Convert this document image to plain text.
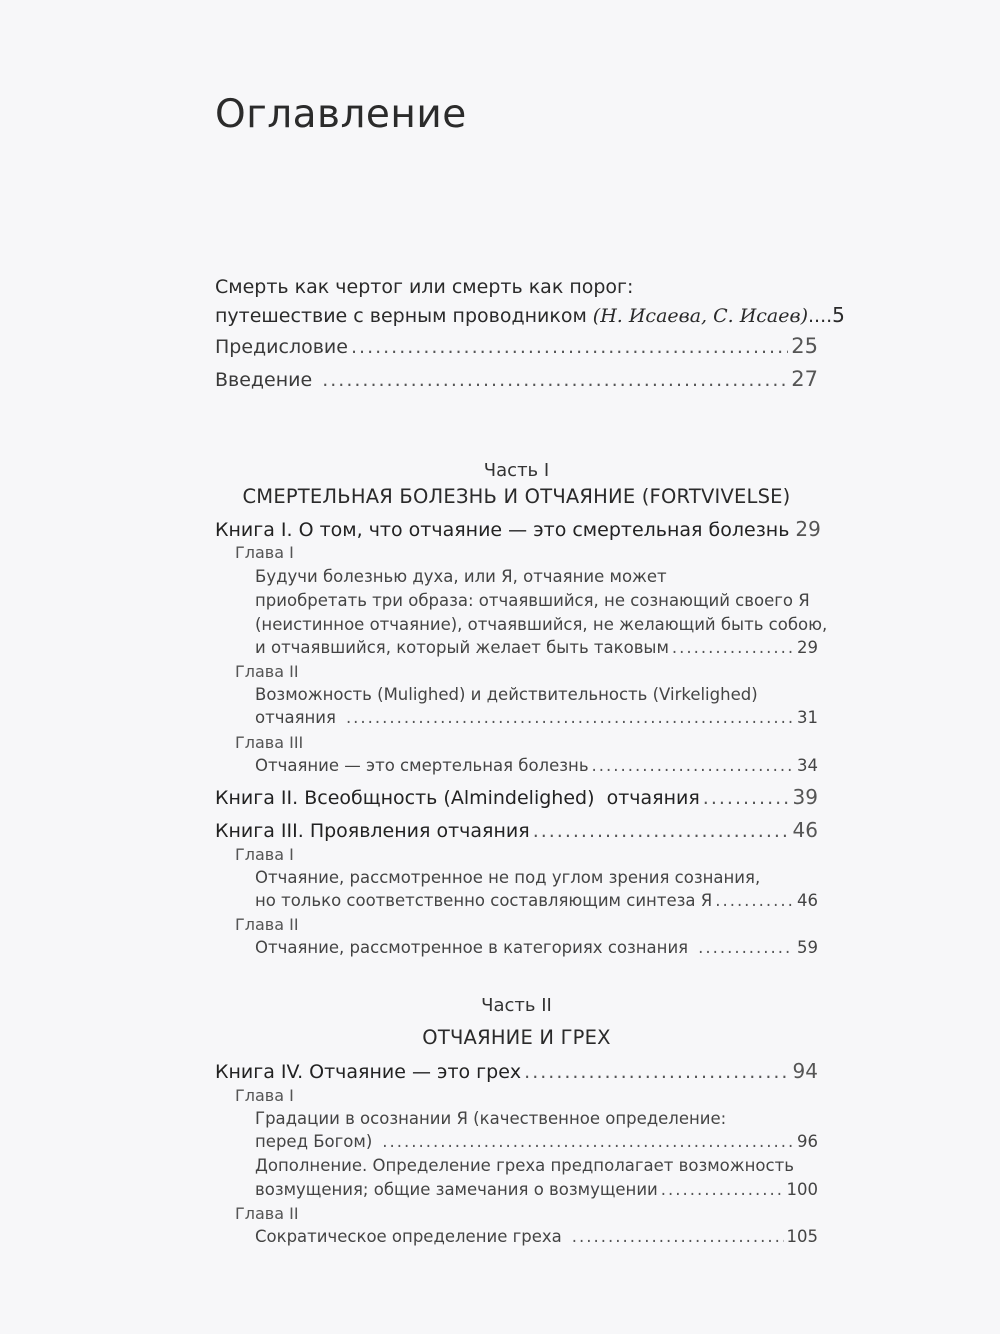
Оглавление
Смерть как чертог или смерть как порог:
путешествие с верным проводником (Н. Исаева, С. Исаев) .... 5
Предисловие .....	25
Введение .....	27
Часть I
СМЕРТЕЛЬНАЯ БОЛЕЗНЬ И ОТЧАЯНИЕ (FORTVIVELSE)
Книга I. О том, что отчаяние — это смертельная болезнь 29
Глава I
Будучи болезнью духа, или Я, отчаяние может
приобретать три образа: отчаявшийся, не сознающий своего Я
(неистинное отчаяние), отчаявшийся, не желающий быть собою,
и отчаявшийся, который желает быть таковым .....	29
Глава II
Возможность (Mulighed) и действительность (Virkelighed)
отчаяния .....	31
Глава III
Отчаяние — это смертельная болезнь .....	34
Книга II. Всеобщность (Almindelighed)  отчаяния .....	39
Книга III. Проявления отчаяния .....	46
Глава I
Отчаяние, рассмотренное не под углом зрения сознания,
но только соответственно составляющим синтеза Я .....	46
Глава II
Отчаяние, рассмотренное в категориях сознания .....	59
Часть II
ОТЧАЯНИЕ И ГРЕХ
Книга IV. Отчаяние — это грех .....	94
Глава I
Градации в осознании Я (качественное определение:
перед Богом) .....	96
Дополнение. Определение греха предполагает возможность
возмущения; общие замечания о возмущении .....	100
Глава II
Сократическое определение греха .....	105
